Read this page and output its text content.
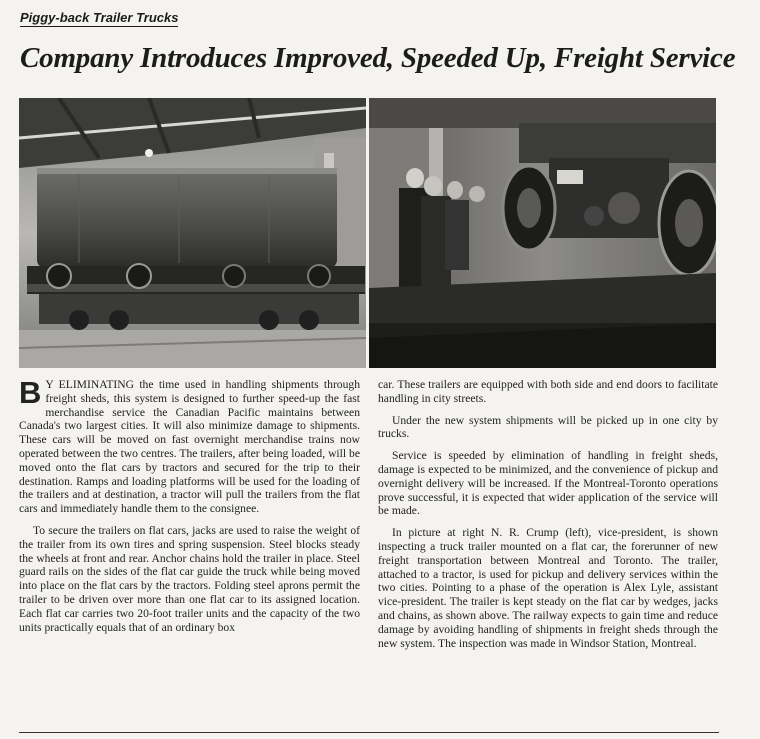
Piggy-back Trailer Trucks
Company Introduces Improved, Speeded Up, Freight Service

B Y ELIMINATING the time used in handling shipments through freight sheds, this system is designed to further speed-up the fast merchandise service the Canadian Pacific maintains between Canada's two largest cities. It will also minimize damage to shipments. These cars will be moved on fast overnight merchandise trains now operated between the two centres. The trailers, after being loaded, will be moved onto the flat cars by tractors and secured for the trip to their destination. Ramps and loading platforms will be used for the loading of the trailers and at destination, a tractor will pull the trailers from the flat cars and immediately handle them to the consignee.

To secure the trailers on flat cars, jacks are used to raise the weight of the trailer from its own tires and spring suspension. Steel blocks steady the wheels at front and rear. Anchor chains hold the trailer in place. Steel guard rails on the sides of the flat car guide the truck while being moved into place on the flat cars by the tractors. Folding steel aprons permit the trailer to be driven over more than one flat car to its assigned location. Each flat car carries two 20-foot trailer units and the capacity of the two units practically equals that of an ordinary box

car. These trailers are equipped with both side and end doors to facilitate handling in city streets.

Under the new system shipments will be picked up in one city by trucks.

Service is speeded by elimination of handling in freight sheds, damage is expected to be minimized, and the convenience of pickup and overnight delivery will be increased. If the Montreal-Toronto operations prove successful, it is expected that wider application of the service will be made.

In picture at right N. R. Crump (left), vice-president, is shown inspecting a truck trailer mounted on a flat car, the forerunner of new freight transportation between Montreal and Toronto. The trailer, attached to a tractor, is used for pickup and delivery services within the two cities. Pointing to a phase of the operation is Alex Lyle, assistant vice-president. The trailer is kept steady on the flat car by wedges, jacks and chains, as shown above. The railway expects to gain time and reduce damage by avoiding handling of shipments in freight sheds through the new system. The inspection was made in Windsor Station, Montreal.
